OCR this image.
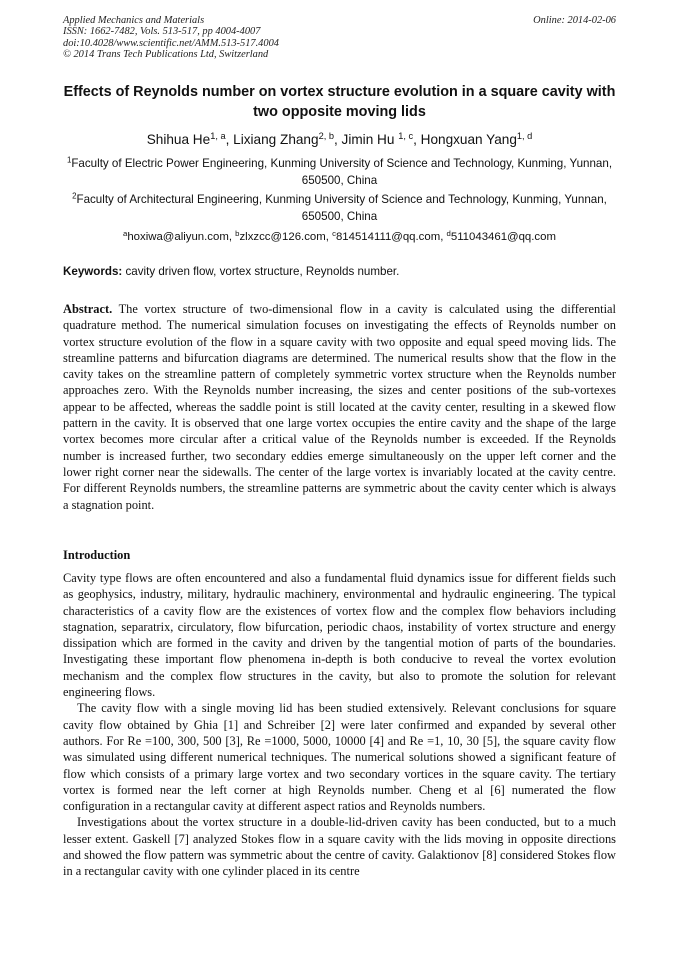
Applied Mechanics and Materials
ISSN: 1662-7482, Vols. 513-517, pp 4004-4007
doi:10.4028/www.scientific.net/AMM.513-517.4004
© 2014 Trans Tech Publications Ltd, Switzerland
Online: 2014-02-06
Effects of Reynolds number on vortex structure evolution in a square cavity with two opposite moving lids
Shihua He$^{1, a}$, Lixiang Zhang$^{2, b}$, Jimin Hu $^{1, c}$, Hongxuan Yang$^{1, d}$
$^1$Faculty of Electric Power Engineering, Kunming University of Science and Technology, Kunming, Yunnan, 650500, China
$^2$Faculty of Architectural Engineering, Kunming University of Science and Technology, Kunming, Yunnan, 650500, China
$^a$hoxiwa@aliyun.com, $^b$zlxzcc@126.com, $^c$814514111@qq.com, $^d$511043461@qq.com
Keywords: cavity driven flow, vortex structure, Reynolds number.
Abstract. The vortex structure of two-dimensional flow in a cavity is calculated using the differential quadrature method. The numerical simulation focuses on investigating the effects of Reynolds number on vortex structure evolution of the flow in a square cavity with two opposite and equal speed moving lids. The streamline patterns and bifurcation diagrams are determined. The numerical results show that the flow in the cavity takes on the streamline pattern of completely symmetric vortex structure when the Reynolds number approaches zero. With the Reynolds number increasing, the sizes and center positions of the sub-vortexes appear to be affected, whereas the saddle point is still located at the cavity center, resulting in a skewed flow pattern in the cavity. It is observed that one large vortex occupies the entire cavity and the shape of the large vortex becomes more circular after a critical value of the Reynolds number is exceeded. If the Reynolds number is increased further, two secondary eddies emerge simultaneously on the upper left corner and the lower right corner near the sidewalls. The center of the large vortex is invariably located at the cavity centre. For different Reynolds numbers, the streamline patterns are symmetric about the cavity center which is always a stagnation point.
Introduction

Cavity type flows are often encountered and also a fundamental fluid dynamics issue for different fields such as geophysics, industry, military, hydraulic machinery, environmental and hydraulic engineering. The typical characteristics of a cavity flow are the existences of vortex flow and the complex flow behaviors including stagnation, separatrix, circulatory, flow bifurcation, periodic chaos, instability of vortex structure and energy dissipation which are formed in the cavity and driven by the tangential motion of parts of the boundaries. Investigating these important flow phenomena in-depth is both conducive to reveal the vortex evolution mechanism and the complex flow structures in the cavity, but also to promote the solution for relevant engineering flows.

The cavity flow with a single moving lid has been studied extensively. Relevant conclusions for square cavity flow obtained by Ghia [1] and Schreiber [2] were later confirmed and expanded by several other authors. For Re =100, 300, 500 [3], Re =1000, 5000, 10000 [4] and Re =1, 10, 30 [5], the square cavity flow was simulated using different numerical techniques. The numerical solutions showed a significant feature of flow which consists of a primary large vortex and two secondary vortices in the square cavity. The tertiary vortex is formed near the left corner at high Reynolds number. Cheng et al [6] numerated the flow configuration in a rectangular cavity at different aspect ratios and Reynolds numbers.

Investigations about the vortex structure in a double-lid-driven cavity has been conducted, but to a much lesser extent. Gaskell [7] analyzed Stokes flow in a square cavity with the lids moving in opposite directions and showed the flow pattern was symmetric about the centre of cavity. Galaktionov [8] considered Stokes flow in a rectangular cavity with one cylinder placed in its centre
